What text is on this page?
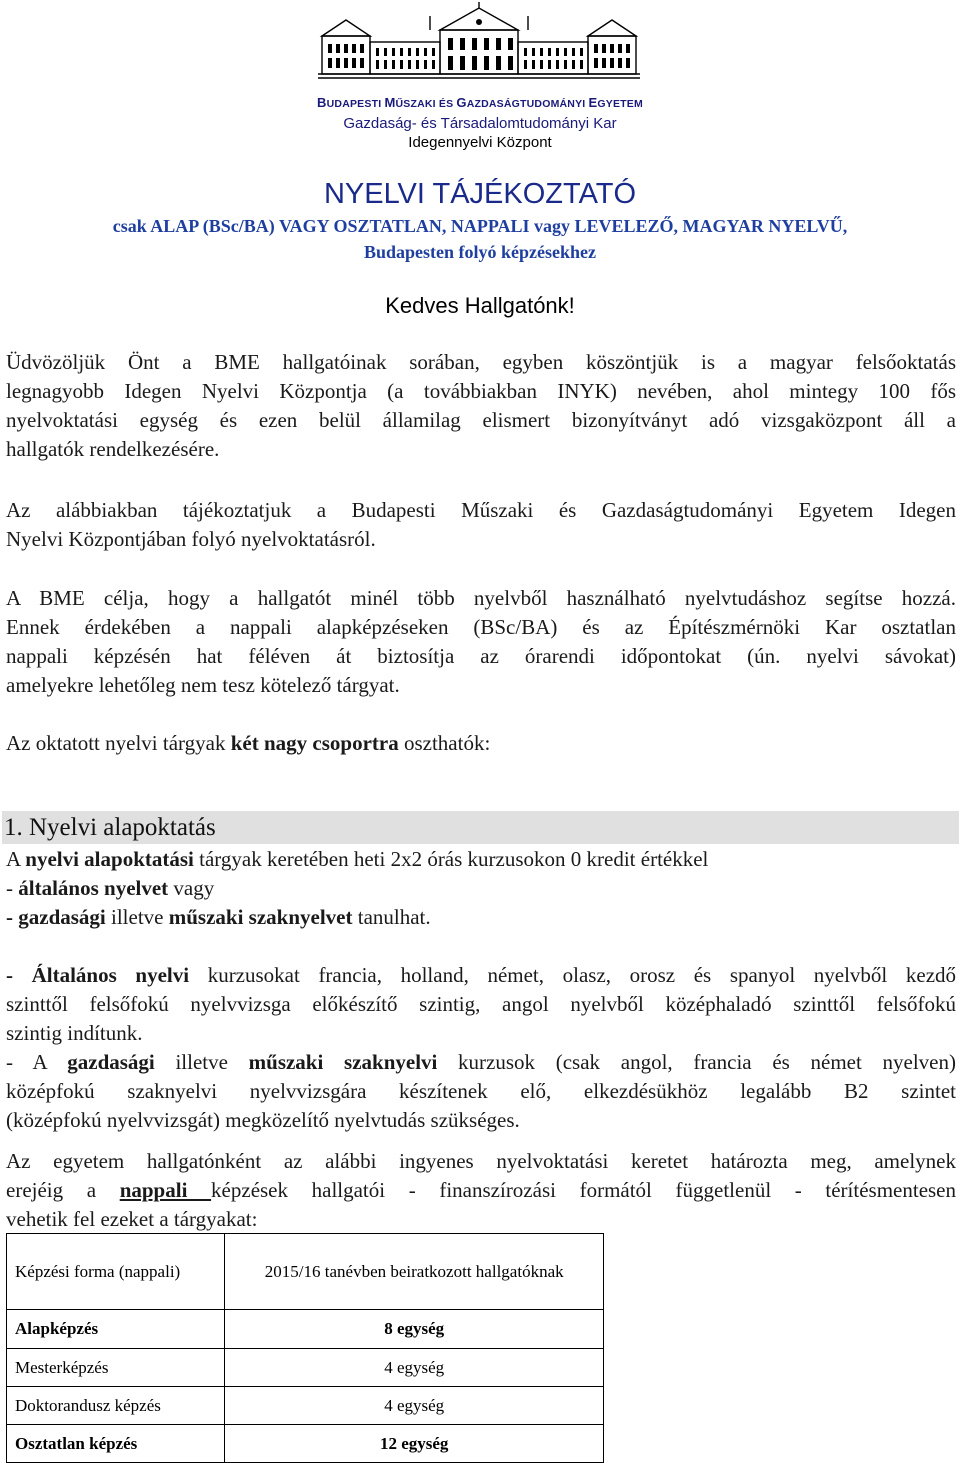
BUDAPESTI MŰSZAKI ÉS GAZDASÁGTUDOMÁNYI EGYETEM
Gazdaság- és Társadalomtudományi Kar
Idegennyelvi Központ
NYELVI TÁJÉKOZTATÓ
csak ALAP (BSc/BA) VAGY OSZTATLAN, NAPPALI vagy LEVELEZŐ, MAGYAR NYELVŰ,
Budapesten folyó képzésekhez
Kedves Hallgatónk!
Üdvözöljük Önt a BME hallgatóinak sorában, egyben köszöntjük is a magyar felsőoktatás
legnagyobb Idegen Nyelvi Központja (a továbbiakban INYK) nevében, ahol mintegy 100 fős
nyelvoktatási egység és ezen belül államilag elismert bizonyítványt adó vizsgaközpont áll a
hallgatók rendelkezésére.
Az alábbiakban tájékoztatjuk a Budapesti Műszaki és Gazdaságtudományi Egyetem Idegen
Nyelvi Központjában folyó nyelvoktatásról.
A BME célja, hogy a hallgatót minél több nyelvből használható nyelvtudáshoz segítse hozzá.
Ennek érdekében a nappali alapképzéseken (BSc/BA) és az Építészmérnöki Kar osztatlan
nappali képzésén hat féléven át biztosítja az órarendi időpontokat (ún. nyelvi sávokat)
amelyekre lehetőleg nem tesz kötelező tárgyat.
Az oktatott nyelvi tárgyak két nagy csoportra oszthatók:
1. Nyelvi alapoktatás
A nyelvi alapoktatási tárgyak keretében heti 2x2 órás kurzusokon 0 kredit értékkel
- általános nyelvet vagy
- gazdasági illetve műszaki szaknyelvet tanulhat.
- Általános nyelvi kurzusokat francia, holland, német, olasz, orosz és spanyol nyelvből kezdő
szinttől felsőfokú nyelvvizsga előkészítő szintig, angol nyelvből középhaladó szinttől felsőfokú
szintig indítunk.
- A gazdasági illetve műszaki szaknyelvi kurzusok (csak angol, francia és német nyelven)
középfokú szaknyelvi nyelvvizsgára készítenek elő, elkezdésükhöz legalább B2 szintet
(középfokú nyelvvizsgát) megközelítő nyelvtudás szükséges.
Az egyetem hallgatónként az alábbi ingyenes nyelvoktatási keretet határozta meg, amelynek
erejéig a nappali képzések hallgatói - finanszírozási formától függetlenül - térítésmentesen
vehetik fel ezeket a tárgyakat:
Képzési forma (nappali)	2015/16 tanévben beiratkozott hallgatóknak
Alapképzés	8 egység
Mesterképzés	4 egység
Doktorandusz képzés	4 egység
Osztatlan képzés	12 egység
